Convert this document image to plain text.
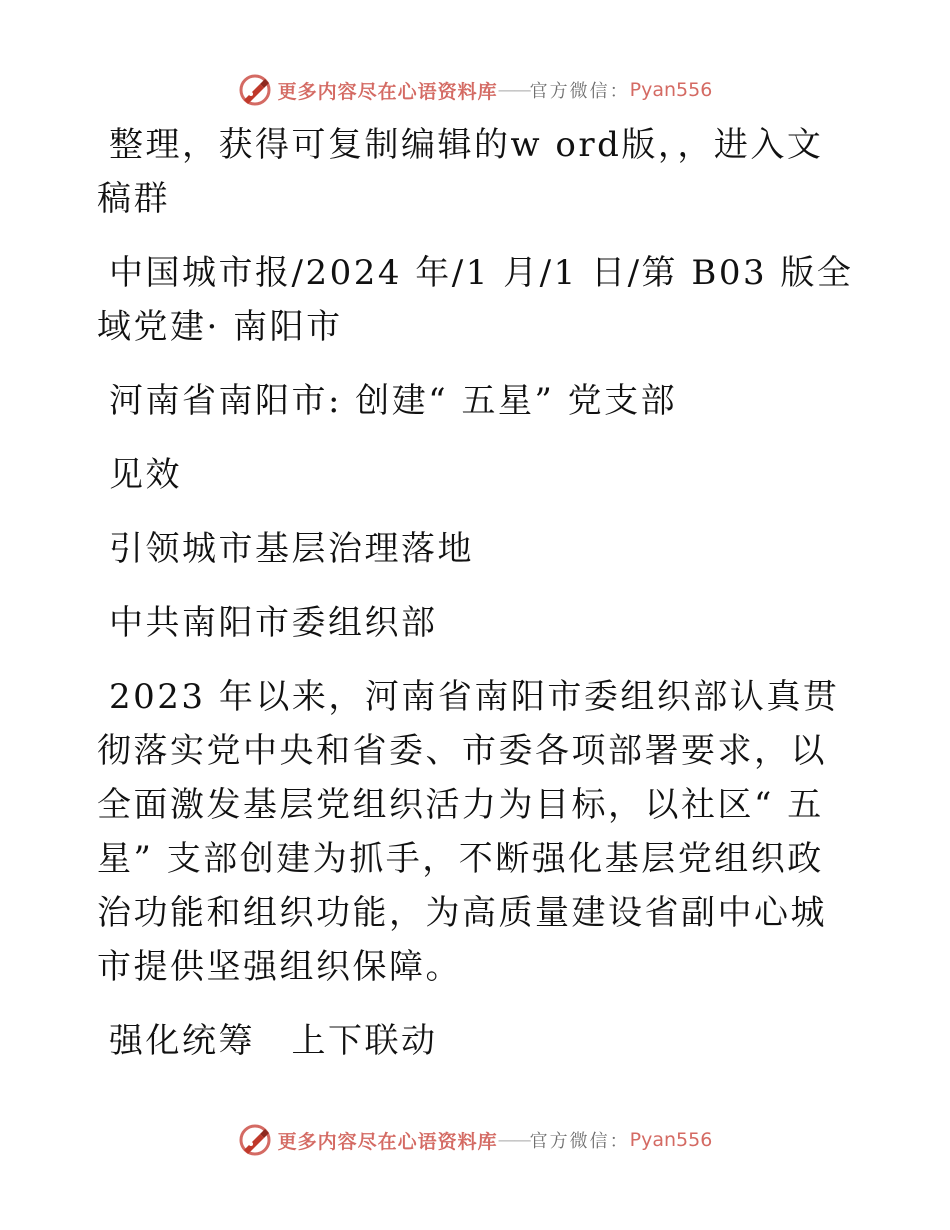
更多内容尽在心语资料库 —— 官方微信： Pyan556

整理，获得可复制编辑的w ord版，，进入文稿群

中国城市报/2024 年/1 月/1 日/第 B03 版全域党建· 南阳市

河南省南阳市: 创建“ 五星” 党支部

见效

引领城市基层治理落地

中共南阳市委组织部

2023 年以来，河南省南阳市委组织部认真贯彻落实党中央和省委、市委各项部署要求，以全面激发基层党组织活力为目标，以社区“ 五星” 支部创建为抓手，不断强化基层党组织政治功能和组织功能，为高质量建设省副中心城市提供坚强组织保障。

强化统筹　上下联动

更多内容尽在心语资料库 —— 官方微信： Pyan556
